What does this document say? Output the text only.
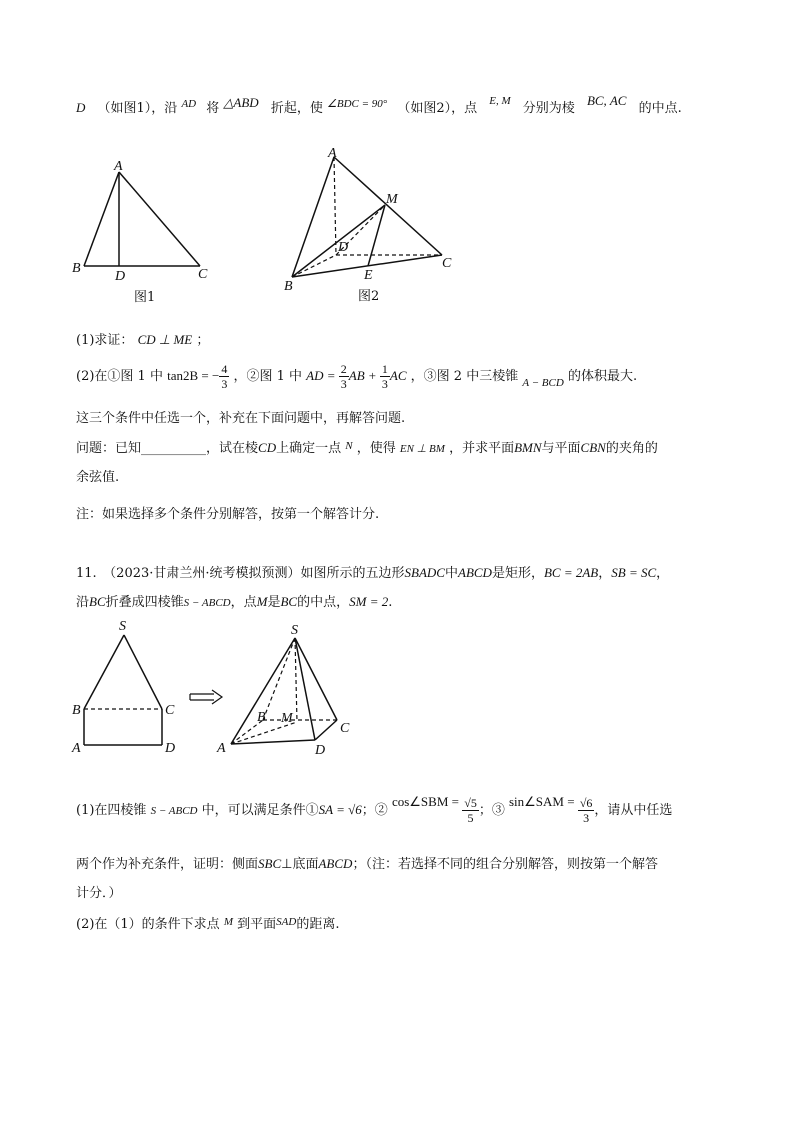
D （如图1），沿 $^{AD}$ 将 △ABD 折起，使 $^{\angle BDC = 90^\circ}$ （如图2），点 $^{E, M}$ 分别为棱 BC, AC 的中点.
A
B
D	C
图1
A
M
D
C
E
B
图2
(1)求证： CD ⊥ ME ；
(2)在①图 1 中 tan2B = − $\frac{4}{3}$ ，②图 1 中 AD = $\frac{2}{3}$ AB + $\frac{1}{3}$ AC ，③图 2 中三棱锥 $_{A - BCD}$ 的体积最大.
这三个条件中任选一个，补充在下面问题中，再解答问题.
问题：已知__________，试在棱CD上确定一点 $^N$ ，使得 EN ⊥ BM ，并求平面BMN与平面CBN的夹角的
余弦值.
注：如果选择多个条件分别解答，按第一个解答计分.
11.　（2023·甘肃兰州·统考模拟预测）如图所示的五边形SBADC中ABCD是矩形，BC = 2AB，SB = SC，
沿BC折叠成四棱锥S − ABCD，点M是BC的中点，SM = 2.
S
B	C
A	D
S
B M
C
A	D
(1)在四棱锥 S − ABCD 中，可以满足条件①SA = √6；② cos∠SBM = $\frac{√5}{5}$ ；③ sin∠SAM = $\frac{√6}{3}$ ，请从中任选
两个作为补充条件，证明：侧面SBC⊥底面ABCD；（注：若选择不同的组合分别解答，则按第一个解答
计分．）
(2)在（1）的条件下求点 $^M$ 到平面$^{SAD}$的距离.
